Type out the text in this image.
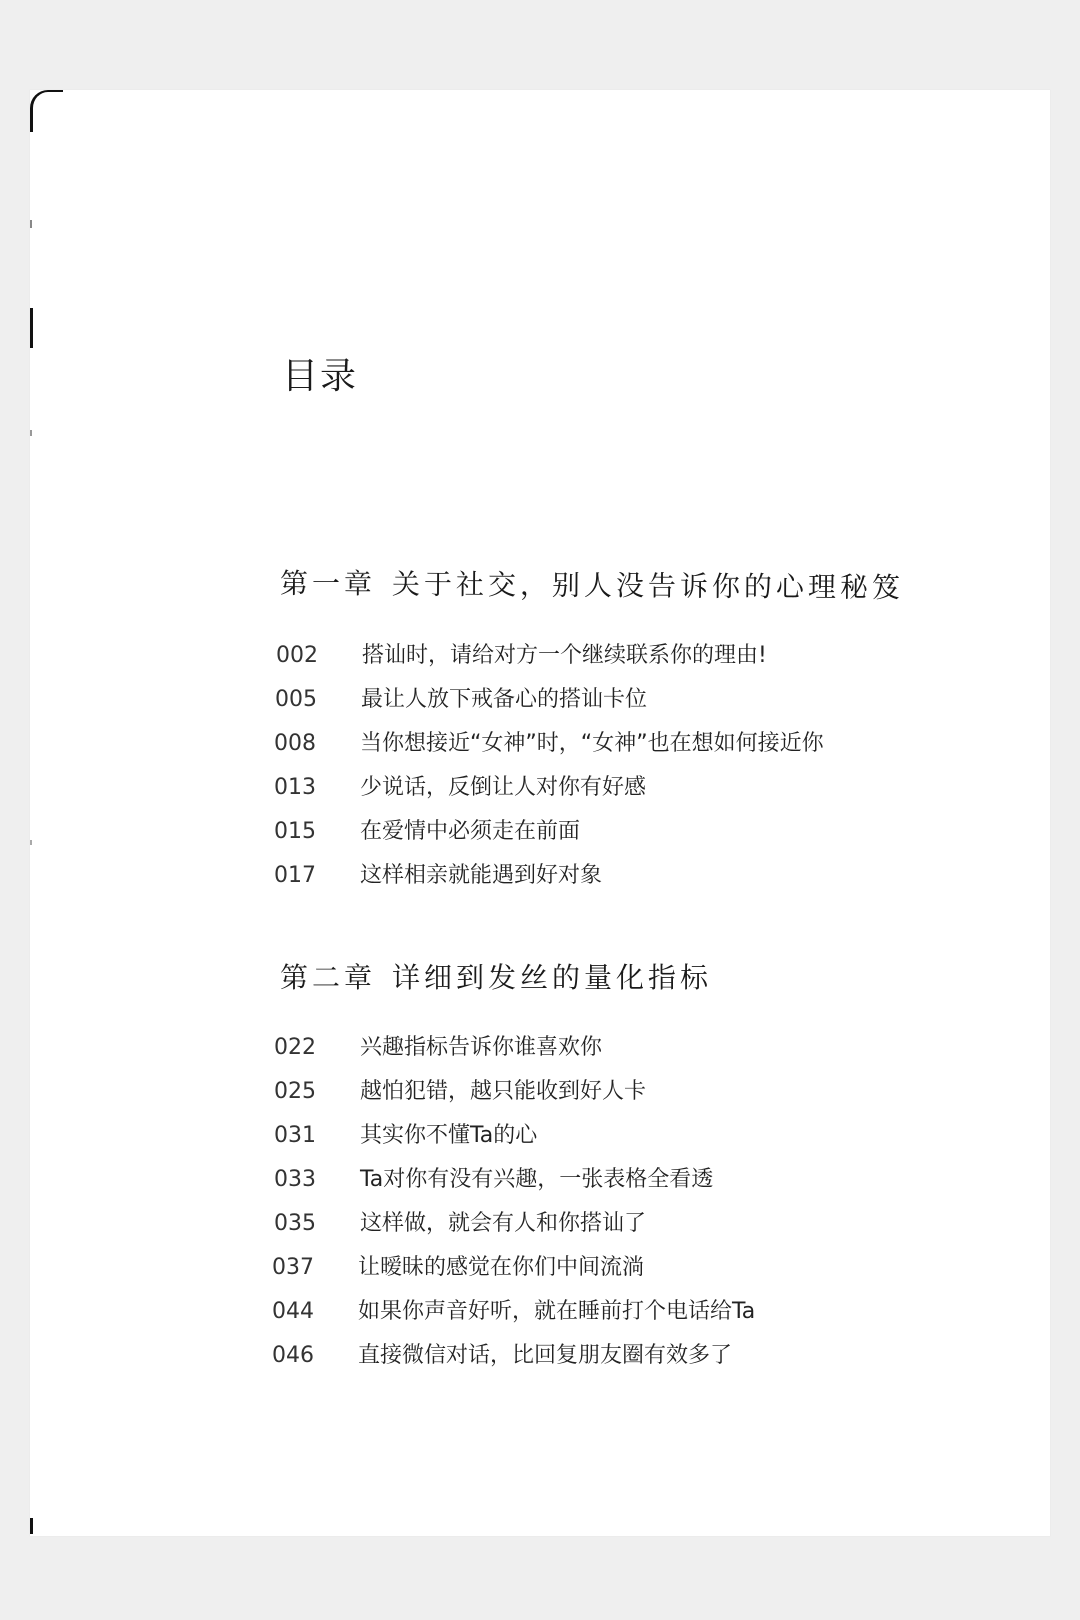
目录
第一章 关于社交，别人没告诉你的心理秘笈
002	搭讪时，请给对方一个继续联系你的理由!
005	最让人放下戒备心的搭讪卡位
008	当你想接近“女神”时，“女神”也在想如何接近你
013	少说话，反倒让人对你有好感
015	在爱情中必须走在前面
017	这样相亲就能遇到好对象
第二章 详细到发丝的量化指标
022	兴趣指标告诉你谁喜欢你
025	越怕犯错，越只能收到好人卡
031	其实你不懂Ta的心
033	Ta对你有没有兴趣，一张表格全看透
035	这样做，就会有人和你搭讪了
037	让暧昧的感觉在你们中间流淌
044	如果你声音好听，就在睡前打个电话给Ta
046	直接微信对话，比回复朋友圈有效多了
